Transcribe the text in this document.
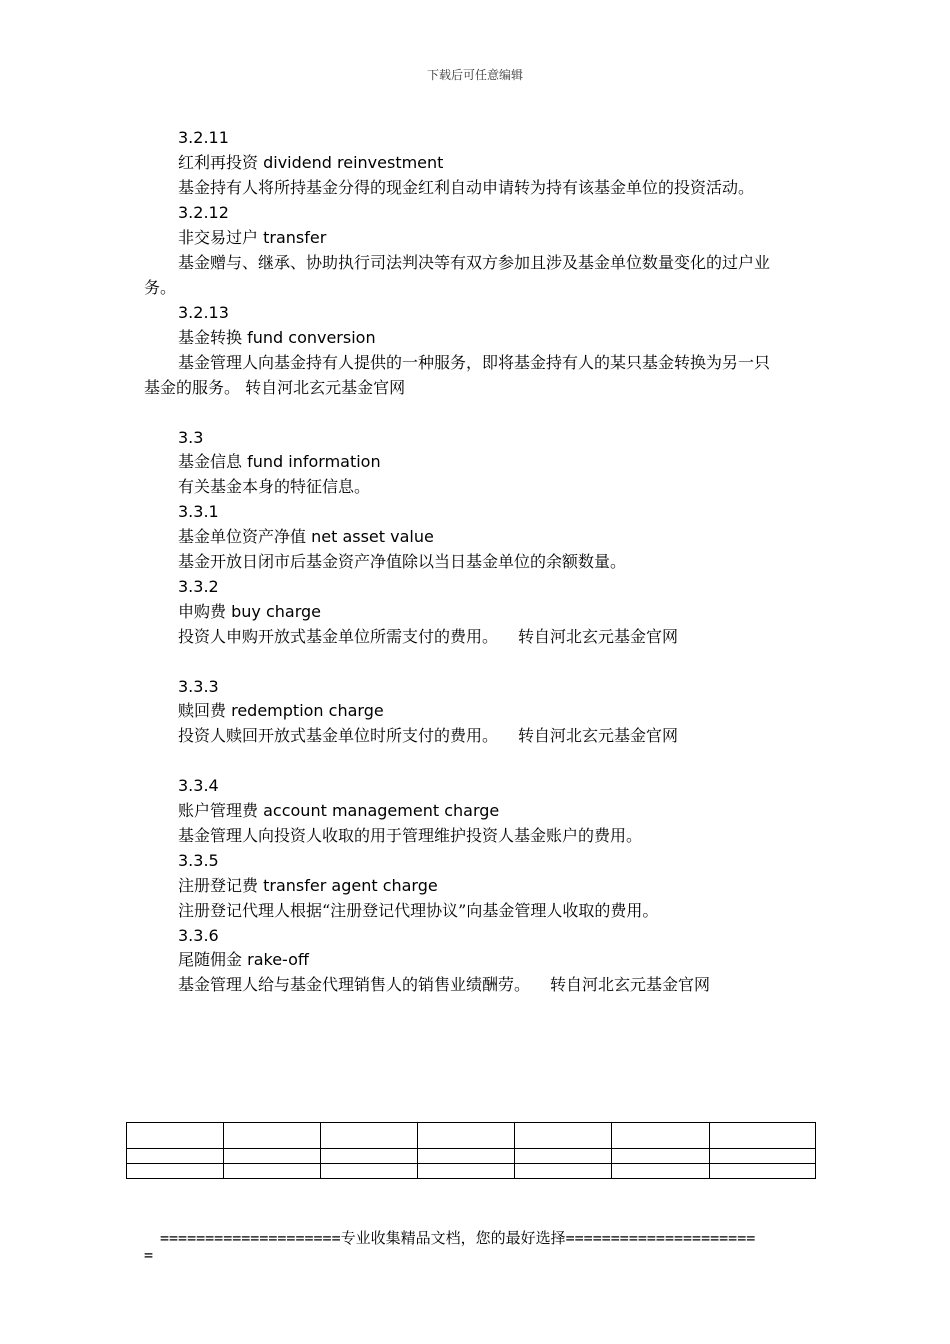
下载后可任意编辑
3.2.11
红利再投资 dividend reinvestment
基金持有人将所持基金分得的现金红利自动申请转为持有该基金单位的投资活动。
3.2.12
非交易过户 transfer
基金赠与、继承、协助执行司法判决等有双方参加且涉及基金单位数量变化的过户业
务。
3.2.13
基金转换 fund conversion
基金管理人向基金持有人提供的一种服务，即将基金持有人的某只基金转换为另一只
基金的服务。 转自河北玄元基金官网
3.3
基金信息 fund information
有关基金本身的特征信息。
3.3.1
基金单位资产净值 net asset value
基金开放日闭市后基金资产净值除以当日基金单位的余额数量。
3.3.2
申购费 buy charge
投资人申购开放式基金单位所需支付的费用。 转自河北玄元基金官网
3.3.3
赎回费 redemption charge
投资人赎回开放式基金单位时所支付的费用。 转自河北玄元基金官网
3.3.4
账户管理费 account management charge
基金管理人向投资人收取的用于管理维护投资人基金账户的费用。
3.3.5
注册登记费 transfer agent charge
注册登记代理人根据“注册登记代理协议”向基金管理人收取的费用。
3.3.6
尾随佣金 rake-off
基金管理人给与基金代理销售人的销售业绩酬劳。 转自河北玄元基金官网

====================专业收集精品文档，您的最好选择=====================
=
